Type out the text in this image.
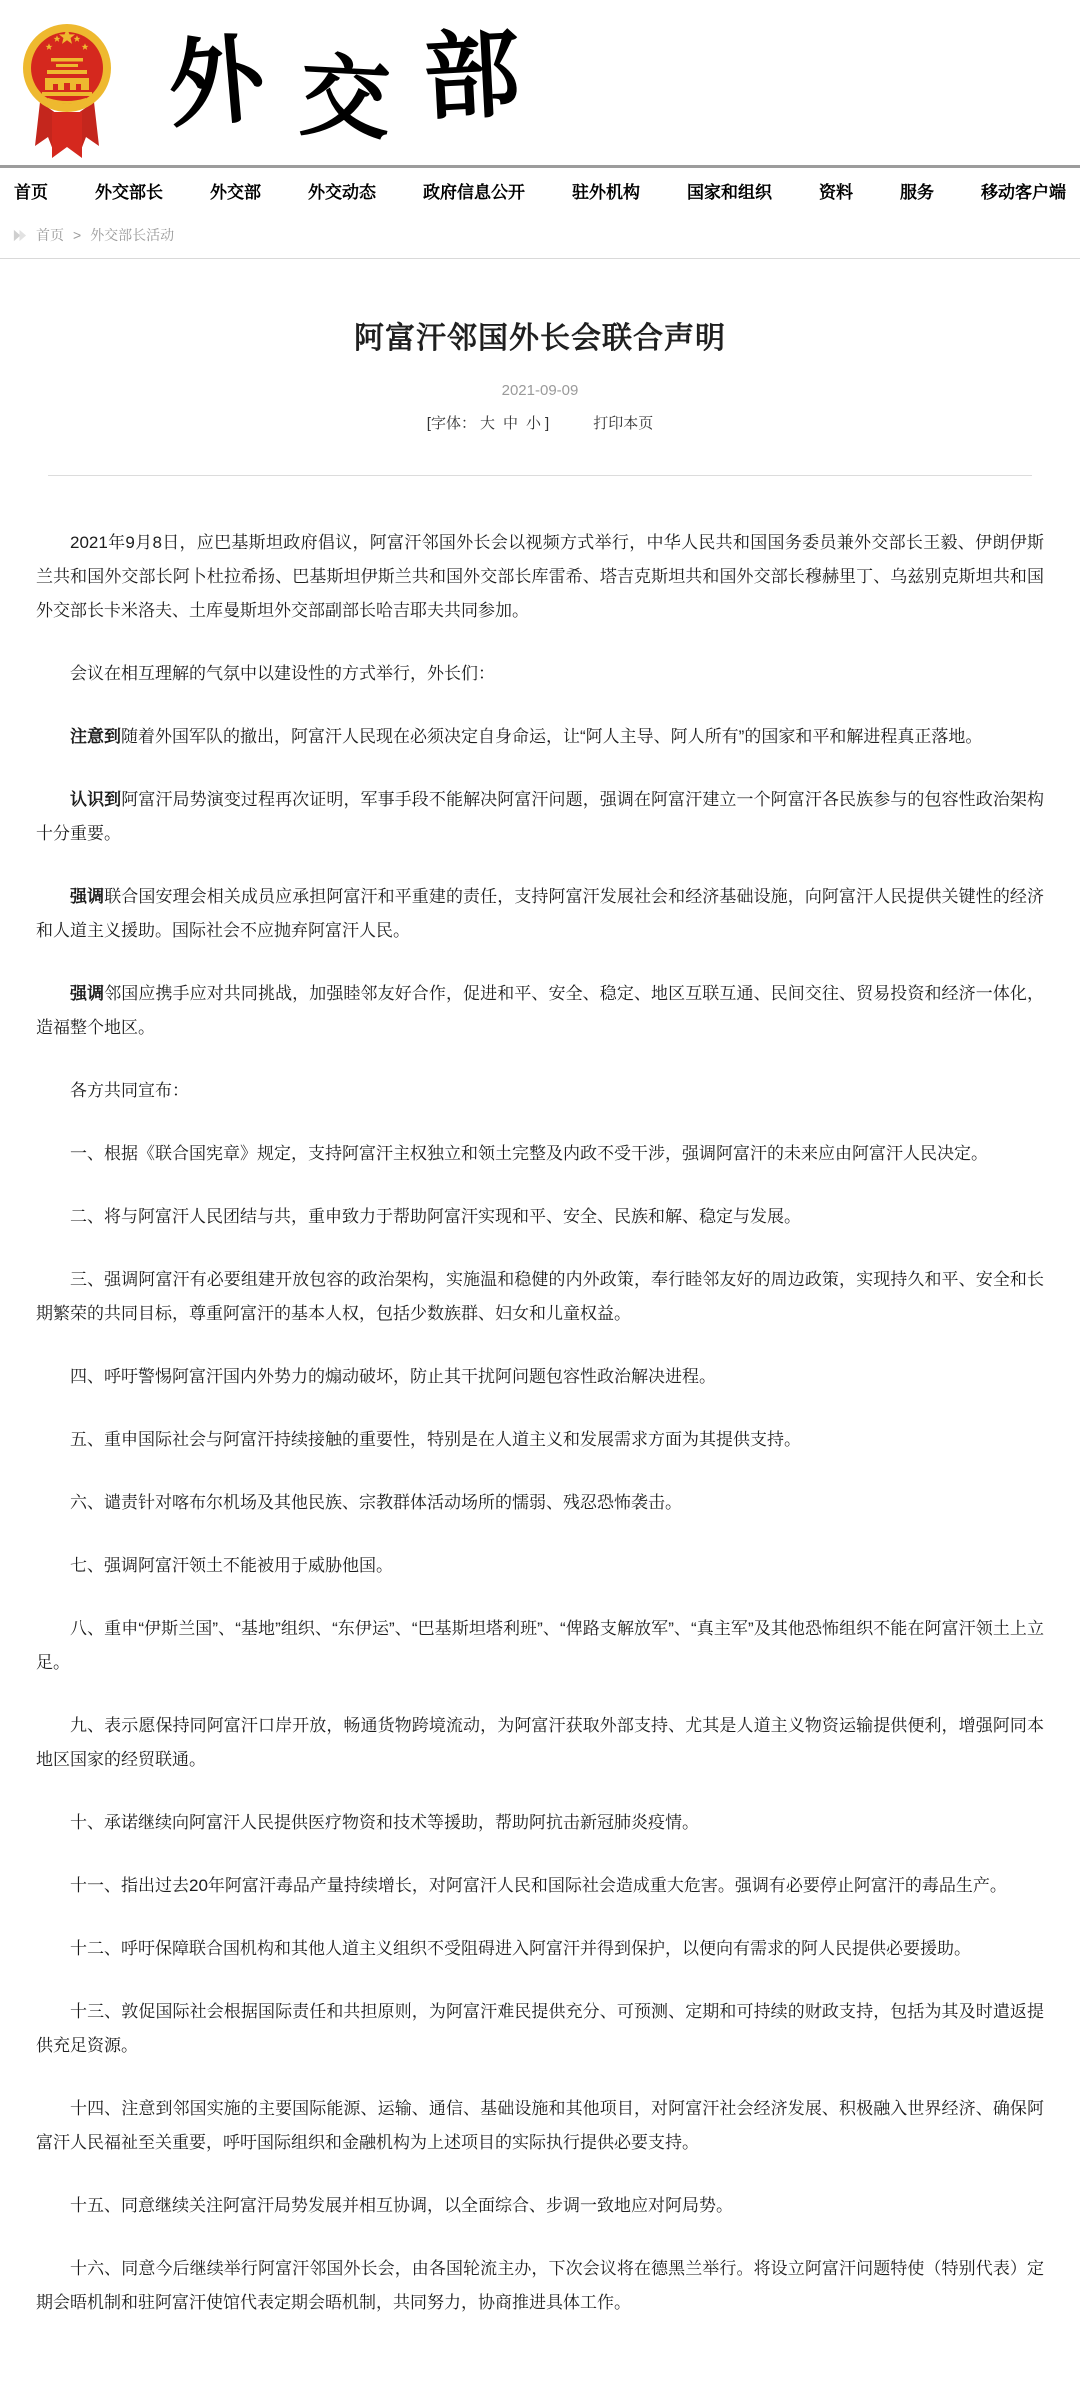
外 交 部
首页	外交部长	外交部	外交动态	政府信息公开	驻外机构	国家和组织	资料	服务	移动客户端
首页 > 外交部长活动
阿富汗邻国外长会联合声明
2021-09-09
[字体： 大 中 小 ]	打印本页

2021年9月8日，应巴基斯坦政府倡议，阿富汗邻国外长会以视频方式举行，中华人民共和国国务委员兼外交部长王毅、伊朗伊斯兰共和国外交部长阿卜杜拉希扬、巴基斯坦伊斯兰共和国外交部长库雷希、塔吉克斯坦共和国外交部长穆赫里丁、乌兹别克斯坦共和国外交部长卡米洛夫、土库曼斯坦外交部副部长哈吉耶夫共同参加。

会议在相互理解的气氛中以建设性的方式举行，外长们：

注意到随着外国军队的撤出，阿富汗人民现在必须决定自身命运，让“阿人主导、阿人所有”的国家和平和解进程真正落地。

认识到阿富汗局势演变过程再次证明，军事手段不能解决阿富汗问题，强调在阿富汗建立一个阿富汗各民族参与的包容性政治架构十分重要。

强调联合国安理会相关成员应承担阿富汗和平重建的责任，支持阿富汗发展社会和经济基础设施，向阿富汗人民提供关键性的经济和人道主义援助。国际社会不应抛弃阿富汗人民。

强调邻国应携手应对共同挑战，加强睦邻友好合作，促进和平、安全、稳定、地区互联互通、民间交往、贸易投资和经济一体化，造福整个地区。

各方共同宣布：

一、根据《联合国宪章》规定，支持阿富汗主权独立和领土完整及内政不受干涉，强调阿富汗的未来应由阿富汗人民决定。

二、将与阿富汗人民团结与共，重申致力于帮助阿富汗实现和平、安全、民族和解、稳定与发展。

三、强调阿富汗有必要组建开放包容的政治架构，实施温和稳健的内外政策，奉行睦邻友好的周边政策，实现持久和平、安全和长期繁荣的共同目标，尊重阿富汗的基本人权，包括少数族群、妇女和儿童权益。

四、呼吁警惕阿富汗国内外势力的煽动破坏，防止其干扰阿问题包容性政治解决进程。

五、重申国际社会与阿富汗持续接触的重要性，特别是在人道主义和发展需求方面为其提供支持。

六、谴责针对喀布尔机场及其他民族、宗教群体活动场所的懦弱、残忍恐怖袭击。

七、强调阿富汗领土不能被用于威胁他国。

八、重申“伊斯兰国”、“基地”组织、“东伊运”、“巴基斯坦塔利班”、“俾路支解放军”、“真主军”及其他恐怖组织不能在阿富汗领土上立足。

九、表示愿保持同阿富汗口岸开放，畅通货物跨境流动，为阿富汗获取外部支持、尤其是人道主义物资运输提供便利，增强阿同本地区国家的经贸联通。

十、承诺继续向阿富汗人民提供医疗物资和技术等援助，帮助阿抗击新冠肺炎疫情。

十一、指出过去20年阿富汗毒品产量持续增长，对阿富汗人民和国际社会造成重大危害。强调有必要停止阿富汗的毒品生产。

十二、呼吁保障联合国机构和其他人道主义组织不受阻碍进入阿富汗并得到保护，以便向有需求的阿人民提供必要援助。

十三、敦促国际社会根据国际责任和共担原则，为阿富汗难民提供充分、可预测、定期和可持续的财政支持，包括为其及时遣返提供充足资源。

十四、注意到邻国实施的主要国际能源、运输、通信、基础设施和其他项目，对阿富汗社会经济发展、积极融入世界经济、确保阿富汗人民福祉至关重要，呼吁国际组织和金融机构为上述项目的实际执行提供必要支持。

十五、同意继续关注阿富汗局势发展并相互协调，以全面综合、步调一致地应对阿局势。

十六、同意今后继续举行阿富汗邻国外长会，由各国轮流主办，下次会议将在德黑兰举行。将设立阿富汗问题特使（特别代表）定期会晤机制和驻阿富汗使馆代表定期会晤机制，共同努力，协商推进具体工作。
